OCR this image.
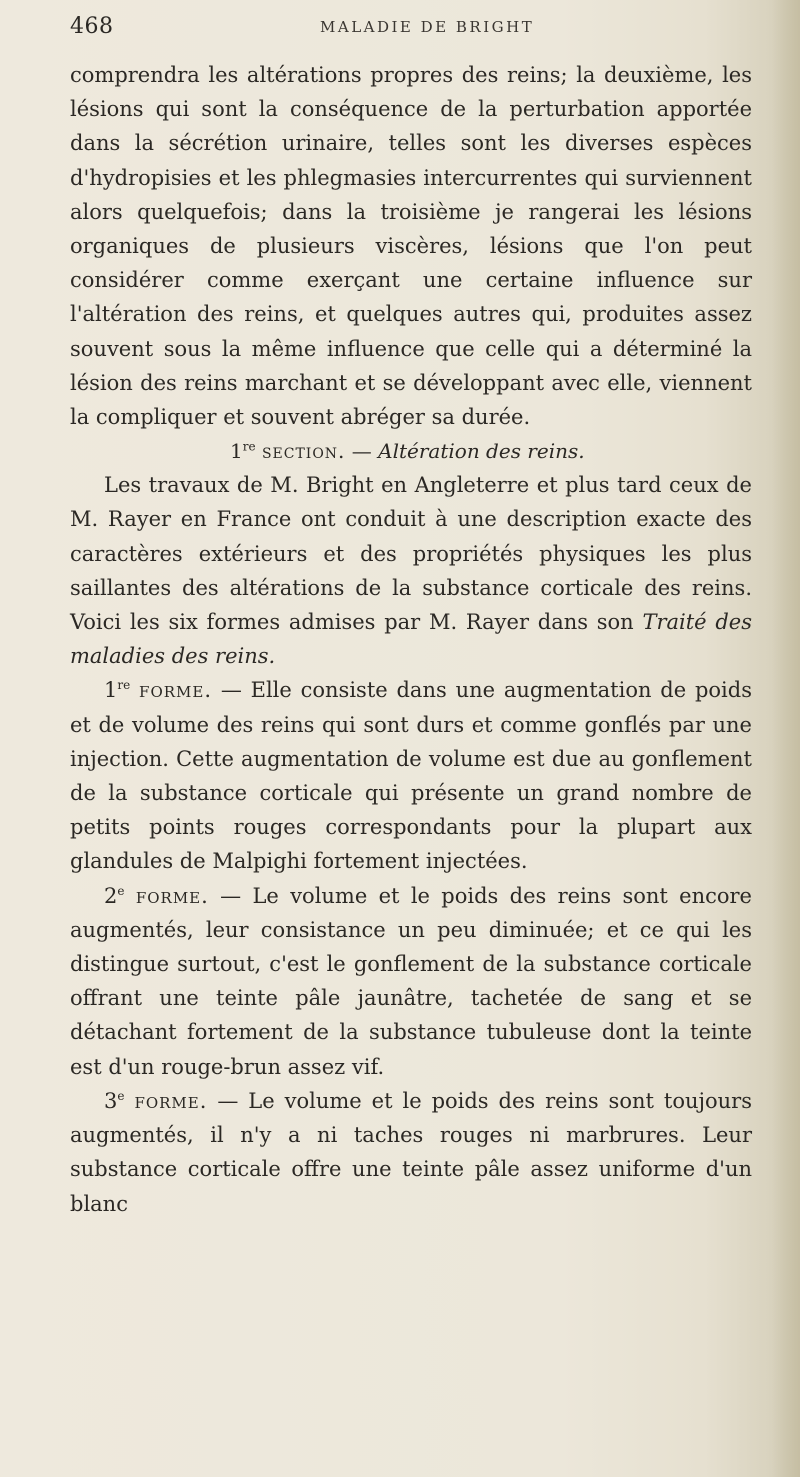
468	MALADIE DE BRIGHT

comprendra les altérations propres des reins; la deuxième, les lésions qui sont la conséquence de la perturbation apportée dans la sécrétion urinaire, telles sont les diverses espèces d'hydropisies et les phlegmasies intercurrentes qui surviennent alors quelquefois; dans la troisième je rangerai les lésions organiques de plusieurs viscères, lésions que l'on peut considérer comme exerçant une certaine influence sur l'altération des reins, et quelques autres qui, produites assez souvent sous la même influence que celle qui a déterminé la lésion des reins marchant et se développant avec elle, viennent la compliquer et souvent abréger sa durée.

1re section. — Altération des reins.

Les travaux de M. Bright en Angleterre et plus tard ceux de M. Rayer en France ont conduit à une description exacte des caractères extérieurs et des propriétés physiques les plus saillantes des altérations de la substance corticale des reins. Voici les six formes admises par M. Rayer dans son Traité des maladies des reins.

1re forme. — Elle consiste dans une augmentation de poids et de volume des reins qui sont durs et comme gonflés par une injection. Cette augmentation de volume est due au gonflement de la substance corticale qui présente un grand nombre de petits points rouges correspondants pour la plupart aux glandules de Malpighi fortement injectées.

2e forme. — Le volume et le poids des reins sont encore augmentés, leur consistance un peu diminuée; et ce qui les distingue surtout, c'est le gonflement de la substance corticale offrant une teinte pâle jaunâtre, tachetée de sang et se détachant fortement de la substance tubuleuse dont la teinte est d'un rouge-brun assez vif.

3e forme. — Le volume et le poids des reins sont toujours augmentés, il n'y a ni taches rouges ni marbrures. Leur substance corticale offre une teinte pâle assez uniforme d'un blanc
